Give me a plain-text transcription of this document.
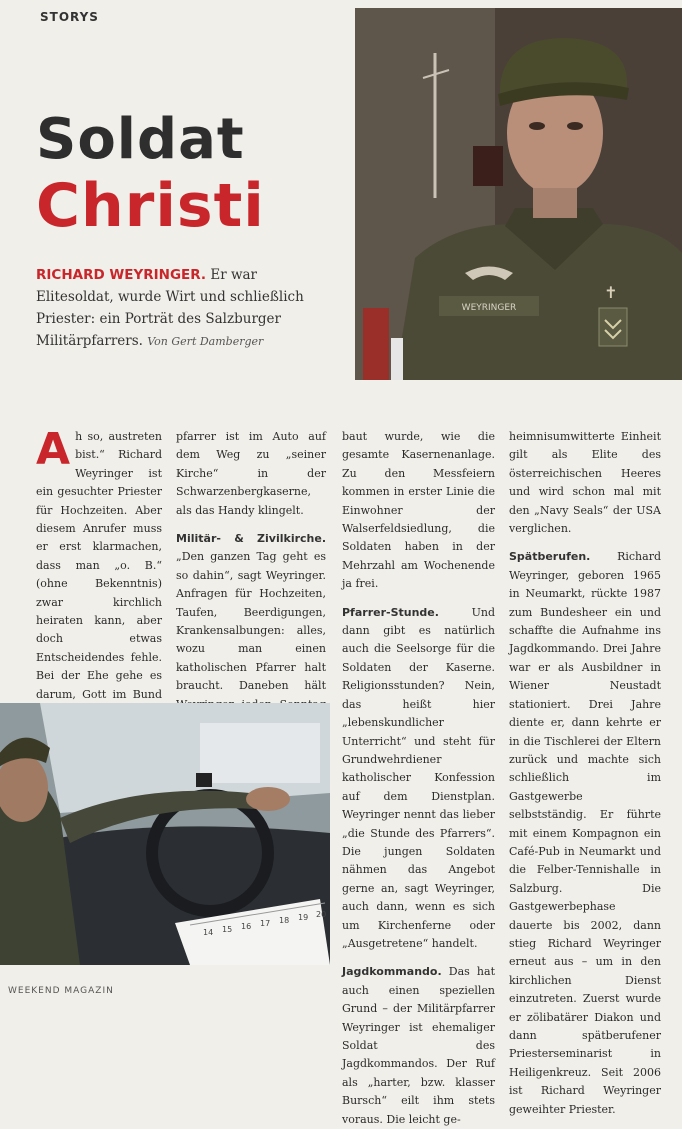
STORYS
WEYRINGER
✝
Soldat
Christi
RICHARD WEYRINGER. Er war Elitesoldat, wurde Wirt und schließlich Priester: ein Porträt des Salzburger Militärpfarrers. Von Gert Damberger

Ah so, austreten bist.“ Richard Weyringer ist ein gesuchter Priester für Hochzeiten. Aber diesem Anrufer muss er erst klarmachen, dass man „o. B.“ (ohne Bekenntnis) zwar kirchlich heiraten kann, aber doch etwas Entscheidendes fehle. Bei der Ehe gehe es darum, Gott im Bund

pfarrer ist im Auto auf dem Weg zu „seiner Kirche“ in der Schwarzenbergkaserne, als das Handy klingelt.

Militär- & Zivilkirche. „Den ganzen Tag geht es so dahin“, sagt Weyringer. Anfragen für Hochzeiten, Taufen, Beerdigungen, Krankensalbungen: alles, wozu man einen katholischen Pfarrer halt braucht. Daneben hält

baut wurde, wie die gesamte Kasernenanlage. Zu den Messfeiern kommen in erster Linie die Einwohner der Walserfeldsiedlung, die Soldaten haben in der Mehrzahl am Wochenende ja frei.

Pfarrer-Stunde. Und dann gibt es natürlich auch die Seelsorge für die Soldaten der Kaserne. Religionsstunden? Nein, das heißt hier „lebenskundlicher Unterricht“ und steht für Grundwehrdiener katholischer Konfession auf dem Dienstplan. Weyringer nennt das lieber „die Stunde des Pfarrers“. Die jungen Soldaten nähmen das Angebot gerne an, sagt Weyringer, auch dann, wenn es sich um Kirchenferne oder „Ausgetretene“ handelt.

Jagdkommando. Das hat auch einen speziellen Grund – der Militärpfarrer Weyringer ist ehemaliger Soldat des Jagdkommandos. Der Ruf als „harter, bzw. klasser Bursch“ eilt ihm stets voraus. Die leicht ge-

heimnisumwitterte Einheit gilt als Elite des österreichischen Heeres und wird schon mal mit den „Navy Seals“ der USA verglichen.

Spätberufen. Richard Weyringer, geboren 1965 in Neumarkt, rückte 1987 zum Bundesheer ein und schaffte die Aufnahme ins Jagdkommando. Drei Jahre war er als Ausbildner in Wiener Neustadt stationiert. Drei Jahre diente er, dann kehrte er in die Tischlerei der Eltern zurück und machte sich schließlich im Gastgewerbe selbstständig. Er führte mit einem Kompagnon ein Café-Pub in Neumarkt und die Felber-Tennishalle in Salzburg. Die Gastgewerbephase dauerte bis 2002, dann stieg Richard Weyringer erneut aus – um in den kirchlichen Dienst einzutreten. Zuerst wurde er zölibatärer Diakon und dann spätberufener Priesterseminarist in Heiligenkreuz. Seit 2006 ist Richard Weyringer geweihter Priester.

14 15 16 17 18 19 20
WEEKEND MAGAZIN
